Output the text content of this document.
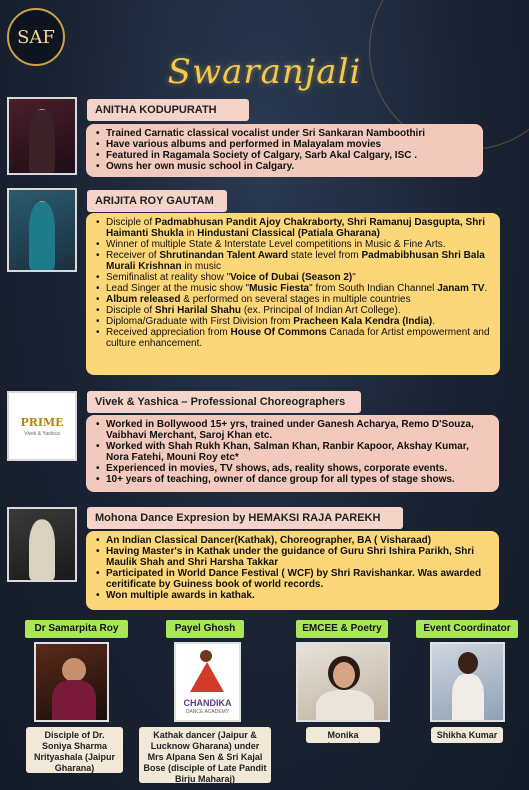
SAF
Swaranjali
ANITHA KODUPURATH
• Trained Carnatic classical vocalist under Sri Sankaran Namboothiri
• Have various albums and performed in Malayalam movies
• Featured in Ragamala Society of Calgary, Sarb Akal Calgary, ISC .
• Owns her own music school in Calgary.
ARIJITA ROY GAUTAM
• Disciple of Padmabhusan Pandit Ajoy Chakraborty, Shri Ramanuj Dasgupta, Shri Haimanti Shukla in Hindustani Classical (Patiala Gharana)
• Winner of multiple State & Interstate Level competitions in Music & Fine Arts.
• Receiver of Shrutinandan Talent Award state level from Padmabibhusan Shri Bala Murali Krishnan in music
• Semifinalist at reality show "Voice of Dubai (Season 2)"
• Lead Singer at the music show "Music Fiesta" from South Indian Channel Janam TV.
• Album released & performed on several stages in multiple countries
• Disciple of Shri Harilal Shahu (ex. Principal of Indian Art College).
• Diploma/Graduate with First Division from Pracheen Kala Kendra (India).
• Received appreciation from House Of Commons Canada for Artist empowerment and culture enhancement.
PRIME
Vivek & Yashica
Vivek & Yashica – Professional Choreographers
• Worked in Bollywood 15+ yrs, trained under Ganesh Acharya, Remo D'Souza, Vaibhavi Merchant, Saroj Khan etc.
• Worked with Shah Rukh Khan, Salman Khan, Ranbir Kapoor, Akshay Kumar, Nora Fatehi, Mouni Roy etc*
• Experienced in movies, TV shows, ads, reality shows, corporate events.
• 10+ years of teaching, owner of dance group for all types of stage shows.
Mohona Dance Expresion by HEMAKSI RAJA PAREKH
• An Indian Classical Dancer(Kathak), Choreographer, BA ( Visharaad)
• Having Master's in Kathak under the guidance of Guru Shri Ishira Parikh, Shri Maulik Shah and Shri Harsha Takkar
• Participated in World Dance Festival ( WCF) by Shri Ravishankar. Was awarded ceritificate by Guiness book of world records.
• Won multiple awards in kathak.
Dr Samarpita Roy
Disciple of Dr. Soniya Sharma Nrityashala (Jaipur Gharana)
Payel Ghosh
CHANDIKA
DANCE ACADEMY
Kathak dancer (Jaipur & Lucknow Gharana) under Mrs Alpana Sen & Sri Kajal Bose (disciple of Late Pandit Birju Maharaj)
EMCEE & Poetry
Monika Agarwal
Event Coordinator
Shikha Kumar
